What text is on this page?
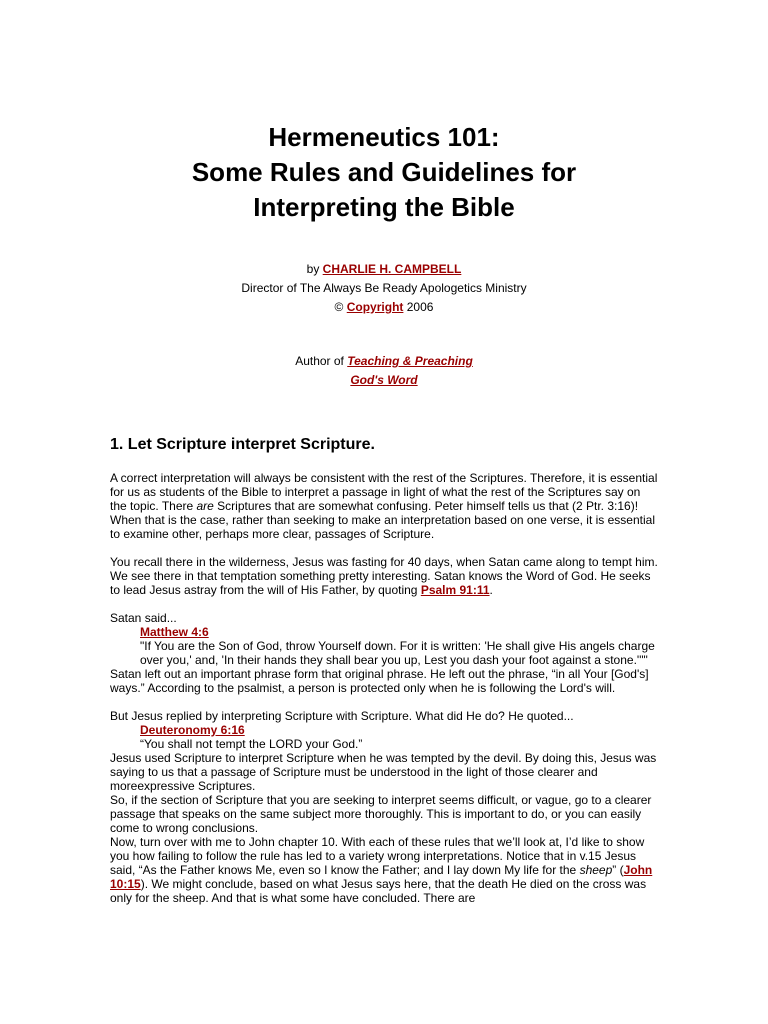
Hermeneutics 101:
Some Rules and Guidelines for
Interpreting the Bible
by CHARLIE H. CAMPBELL
Director of The Always Be Ready Apologetics Ministry
© Copyright 2006
Author of Teaching & Preaching
God's Word
1. Let Scripture interpret Scripture.

A correct interpretation will always be consistent with the rest of the Scriptures. Therefore, it is essential for us as students of the Bible to interpret a passage in light of what the rest of the Scriptures say on the topic. There are Scriptures that are somewhat confusing. Peter himself tells us that (2 Ptr. 3:16)! When that is the case, rather than seeking to make an interpretation based on one verse, it is essential to examine other, perhaps more clear, passages of Scripture.

You recall there in the wilderness, Jesus was fasting for 40 days, when Satan came along to tempt him. We see there in that temptation something pretty interesting. Satan knows the Word of God. He seeks to lead Jesus astray from the will of His Father, by quoting Psalm 91:11.

Satan said...

Matthew 4:6

"If You are the Son of God, throw Yourself down. For it is written: 'He shall give His angels charge over you,' and, 'In their hands they shall bear you up, Lest you dash your foot against a stone.'""

Satan left out an important phrase form that original phrase. He left out the phrase, “in all Your [God's] ways.” According to the psalmist, a person is protected only when he is following the Lord's will.

But Jesus replied by interpreting Scripture with Scripture. What did He do? He quoted...

Deuteronomy 6:16

“You shall not tempt the LORD your God.”

Jesus used Scripture to interpret Scripture when he was tempted by the devil. By doing this, Jesus was saying to us that a passage of Scripture must be understood in the light of those clearer and moreexpressive Scriptures.

So, if the section of Scripture that you are seeking to interpret seems difficult, or vague, go to a clearer passage that speaks on the same subject more thoroughly. This is important to do, or you can easily come to wrong conclusions.

Now, turn over with me to John chapter 10. With each of these rules that we’ll look at, I’d like to show you how failing to follow the rule has led to a variety wrong interpretations. Notice that in v.15 Jesus said, “As the Father knows Me, even so I know the Father; and I lay down My life for the sheep” (John 10:15). We might conclude, based on what Jesus says here, that the death He died on the cross was only for the sheep. And that is what some have concluded. There are
